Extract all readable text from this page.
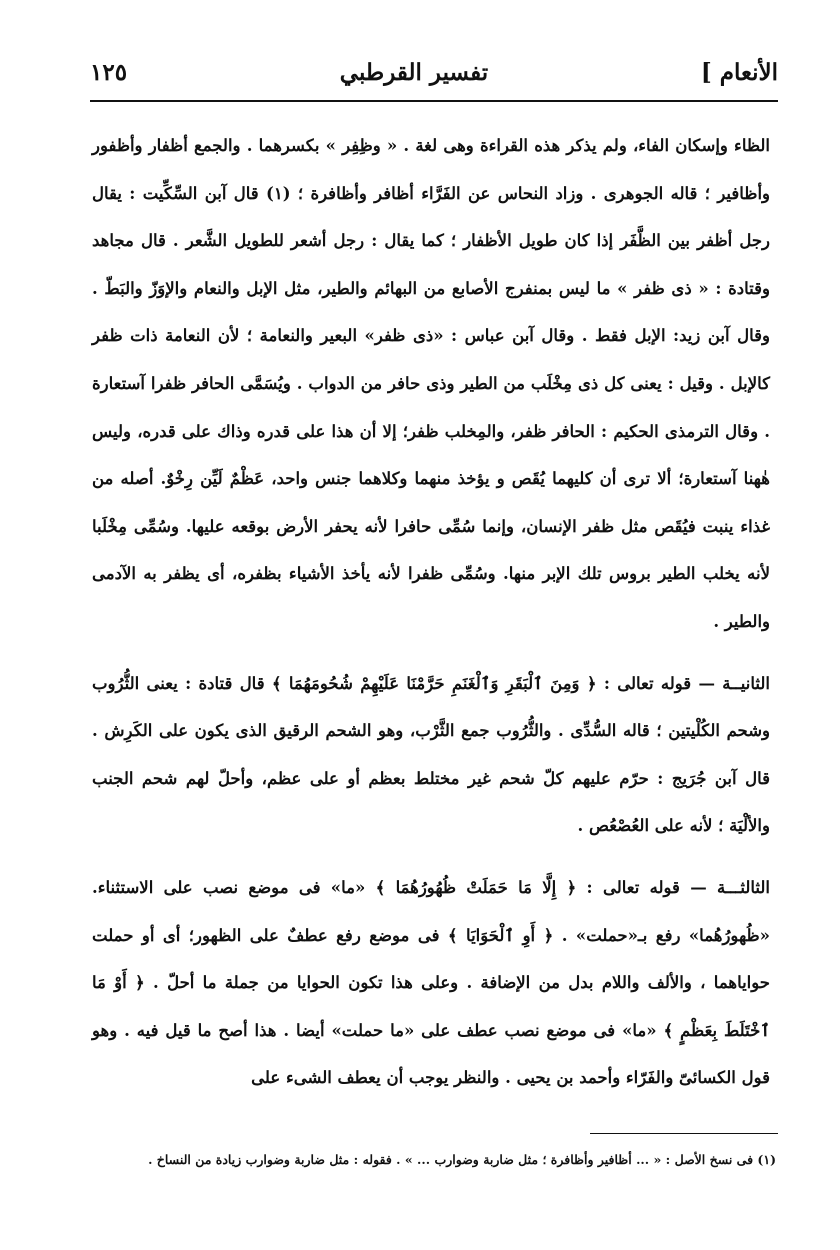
الأنعام ]
تفسير القرطبي
١٢٥

الظاء وإسكان الفاء، ولم يذكر هذه القراءة وهى لغة . « وظِفِر » بكسرهما . والجمع أظفار وأظفور وأظافير ؛ قاله الجوهرى . وزاد النحاس عن الفَرَّاء أظافر وأظافرة ؛ (١) قال آبن السِّكِّيت : يقال رجل أظفر بين الظَّفَر إذا كان طويل الأظفار ؛ كما يقال : رجل أشعر للطويل الشَّعر . قال مجاهد وقتادة : « ذى ظفر » ما ليس بمنفرج الأصابع من البهائم والطير، مثل الإبل والنعام والإوَزّ والبَطّ . وقال آبن زيد: الإبل فقط . وقال آبن عباس : «ذى ظفر» البعير والنعامة ؛ لأن النعامة ذات ظفر كالإبل . وقيل : يعنى كل ذى مِخْلَب من الطير وذى حافر من الدواب . ويُسَمَّى الحافر ظفرا آستعارة . وقال الترمذى الحكيم : الحافر ظفر، والمِخلب ظفر؛ إلا أن هذا على قدره وذاك على قدره، وليس هٰهنا آستعارة؛ ألا ترى أن كليهما يُقَص و يؤخذ منهما وكلاهما جنس واحد، عَظْمٌ لَيِّن رِخْوٌ. أصله من غذاء ينبت فيُقَص مثل ظفر الإنسان، وإنما سُمِّى حافرا لأنه يحفر الأرض بوقعه عليها. وسُمِّى مِخْلَبا لأنه يخلب الطير بروس تلك الإبر منها. وسُمِّى ظفرا لأنه يأخذ الأشياء بظفره، أى يظفر به الآدمى والطير .

الثانيــة — قوله تعالى : ﴿ وَمِنَ ٱلْبَقَرِ وَٱلْغَنَمِ حَرَّمْنَا عَلَيْهِمْ شُحُومَهُمَا ﴾ قال قتادة : يعنى الثُّرُوب وشحم الكُلْيتين ؛ قاله السُّدِّى . والثُّرُوب جمع الثَّرْب، وهو الشحم الرقيق الذى يكون على الكَرِش . قال آبن جُرَيج : حرّم عليهم كلّ شحم غير مختلط بعظم أو على عظم، وأحلّ لهم شحم الجنب والألْيَة ؛ لأنه على العُصْعُص .

الثالثـــة — قوله تعالى : ﴿ إِلَّا مَا حَمَلَتْ ظُهُورُهُمَا ﴾ «ما» فى موضع نصب على الاستثناء. «ظُهورُهُما» رفع بـ«حملت» . ﴿ أَوِ ٱلْحَوَايَا ﴾ فى موضع رفع عطفٌ على الظهور؛ أى أو حملت حواياهما ، والألف واللام بدل من الإضافة . وعلى هذا تكون الحوايا من جملة ما أحلّ . ﴿ أَوْ مَا ٱخْتَلَطَ بِعَظْمٍ ﴾ «ما» فى موضع نصب عطف على «ما حملت» أيضا . هذا أصح ما قيل فيه . وهو قول الكسائىّ والفَرّاء وأحمد بن يحيى . والنظر يوجب أن يعطف الشىء على

(١) فى نسخ الأصل : « ... أظافير وأظافرة ؛ مثل ضاربة وضوارب ... » . فقوله : مثل ضاربة وضوارب زيادة من النساخ .
